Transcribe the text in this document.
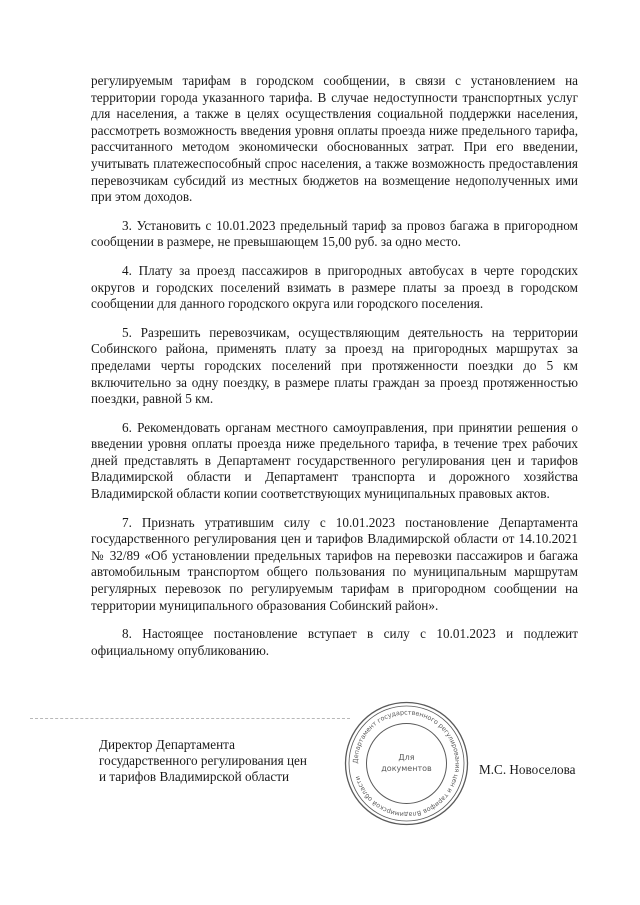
регулируемым тарифам в городском сообщении, в связи с установлением на территории города указанного тарифа. В случае недоступности транспортных услуг для населения, а также в целях осуществления социальной поддержки населения, рассмотреть возможность введения уровня оплаты проезда ниже предельного тарифа, рассчитанного методом экономически обоснованных затрат. При его введении, учитывать платежеспособный спрос населения, а также возможность предоставления перевозчикам субсидий из местных бюджетов на возмещение недополученных ими при этом доходов.

3. Установить с 10.01.2023 предельный тариф за провоз багажа в пригородном сообщении в размере, не превышающем 15,00 руб. за одно место.

4. Плату за проезд пассажиров в пригородных автобусах в черте городских округов и городских поселений взимать в размере платы за проезд в городском сообщении для данного городского округа или городского поселения.

5. Разрешить перевозчикам, осуществляющим деятельность на территории Собинского района, применять плату за проезд на пригородных маршрутах за пределами черты городских поселений при протяженности поездки до 5 км включительно за одну поездку, в размере платы граждан за проезд протяженностью поездки, равной 5 км.

6. Рекомендовать органам местного самоуправления, при принятии решения о введении уровня оплаты проезда ниже предельного тарифа, в течение трех рабочих дней представлять в Департамент государственного регулирования цен и тарифов Владимирской области и Департамент транспорта и дорожного хозяйства Владимирской области копии соответствующих муниципальных правовых актов.

7. Признать утратившим силу с 10.01.2023 постановление Департамента государственного регулирования цен и тарифов Владимирской области от 14.10.2021 № 32/89 «Об установлении предельных тарифов на перевозки пассажиров и багажа автомобильным транспортом общего пользования по муниципальным маршрутам регулярных перевозок по регулируемым тарифам в пригородном сообщении на территории муниципального образования Собинский район».

8. Настоящее постановление вступает в силу с 10.01.2023 и подлежит официальному опубликованию.

Директор Департамента
государственного регулирования цен
и тарифов Владимирской области
Департамент государственного регулирования цен и тарифов Владимирской области
Для
документов	М.С. Новоселова
